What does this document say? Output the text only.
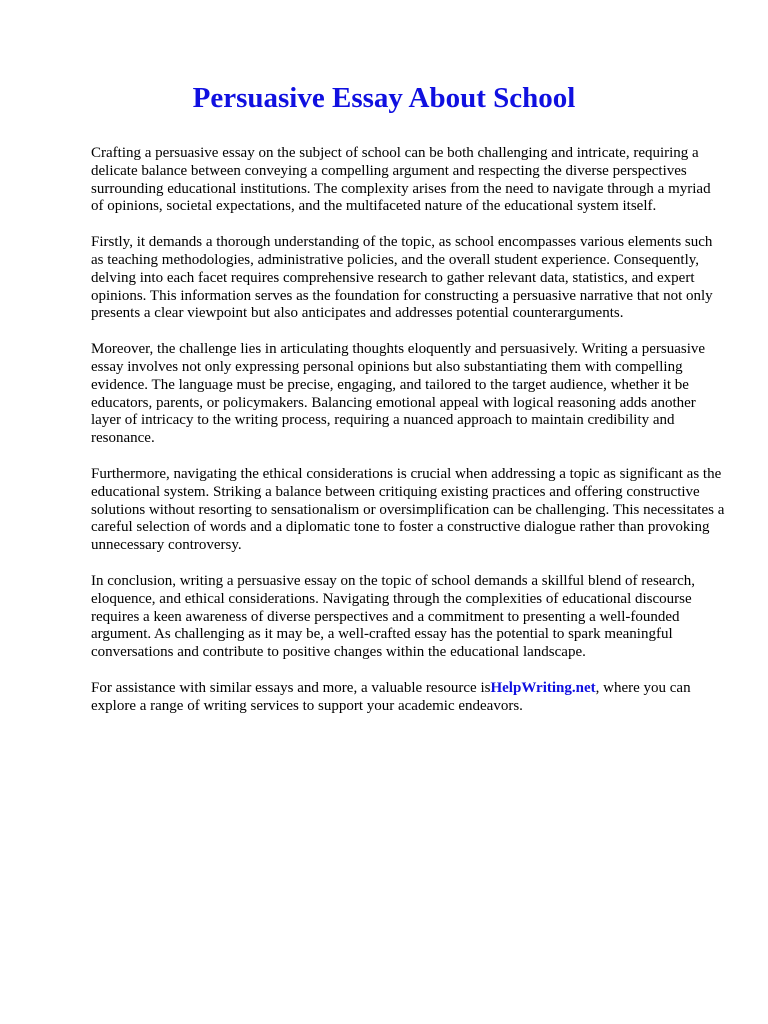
Persuasive Essay About School

Crafting a persuasive essay on the subject of school can be both challenging and intricate, requiring a delicate balance between conveying a compelling argument and respecting the diverse perspectives surrounding educational institutions. The complexity arises from the need to navigate through a myriad of opinions, societal expectations, and the multifaceted nature of the educational system itself.

Firstly, it demands a thorough understanding of the topic, as school encompasses various elements such as teaching methodologies, administrative policies, and the overall student experience. Consequently, delving into each facet requires comprehensive research to gather relevant data, statistics, and expert opinions. This information serves as the foundation for constructing a persuasive narrative that not only presents a clear viewpoint but also anticipates and addresses potential counterarguments.

Moreover, the challenge lies in articulating thoughts eloquently and persuasively. Writing a persuasive essay involves not only expressing personal opinions but also substantiating them with compelling evidence. The language must be precise, engaging, and tailored to the target audience, whether it be educators, parents, or policymakers. Balancing emotional appeal with logical reasoning adds another layer of intricacy to the writing process, requiring a nuanced approach to maintain credibility and resonance.

Furthermore, navigating the ethical considerations is crucial when addressing a topic as significant as the educational system. Striking a balance between critiquing existing practices and offering constructive solutions without resorting to sensationalism or oversimplification can be challenging. This necessitates a careful selection of words and a diplomatic tone to foster a constructive dialogue rather than provoking unnecessary controversy.

In conclusion, writing a persuasive essay on the topic of school demands a skillful blend of research, eloquence, and ethical considerations. Navigating through the complexities of educational discourse requires a keen awareness of diverse perspectives and a commitment to presenting a well-founded argument. As challenging as it may be, a well-crafted essay has the potential to spark meaningful conversations and contribute to positive changes within the educational landscape.

For assistance with similar essays and more, a valuable resource isHelpWriting.net, where you can explore a range of writing services to support your academic endeavors.
